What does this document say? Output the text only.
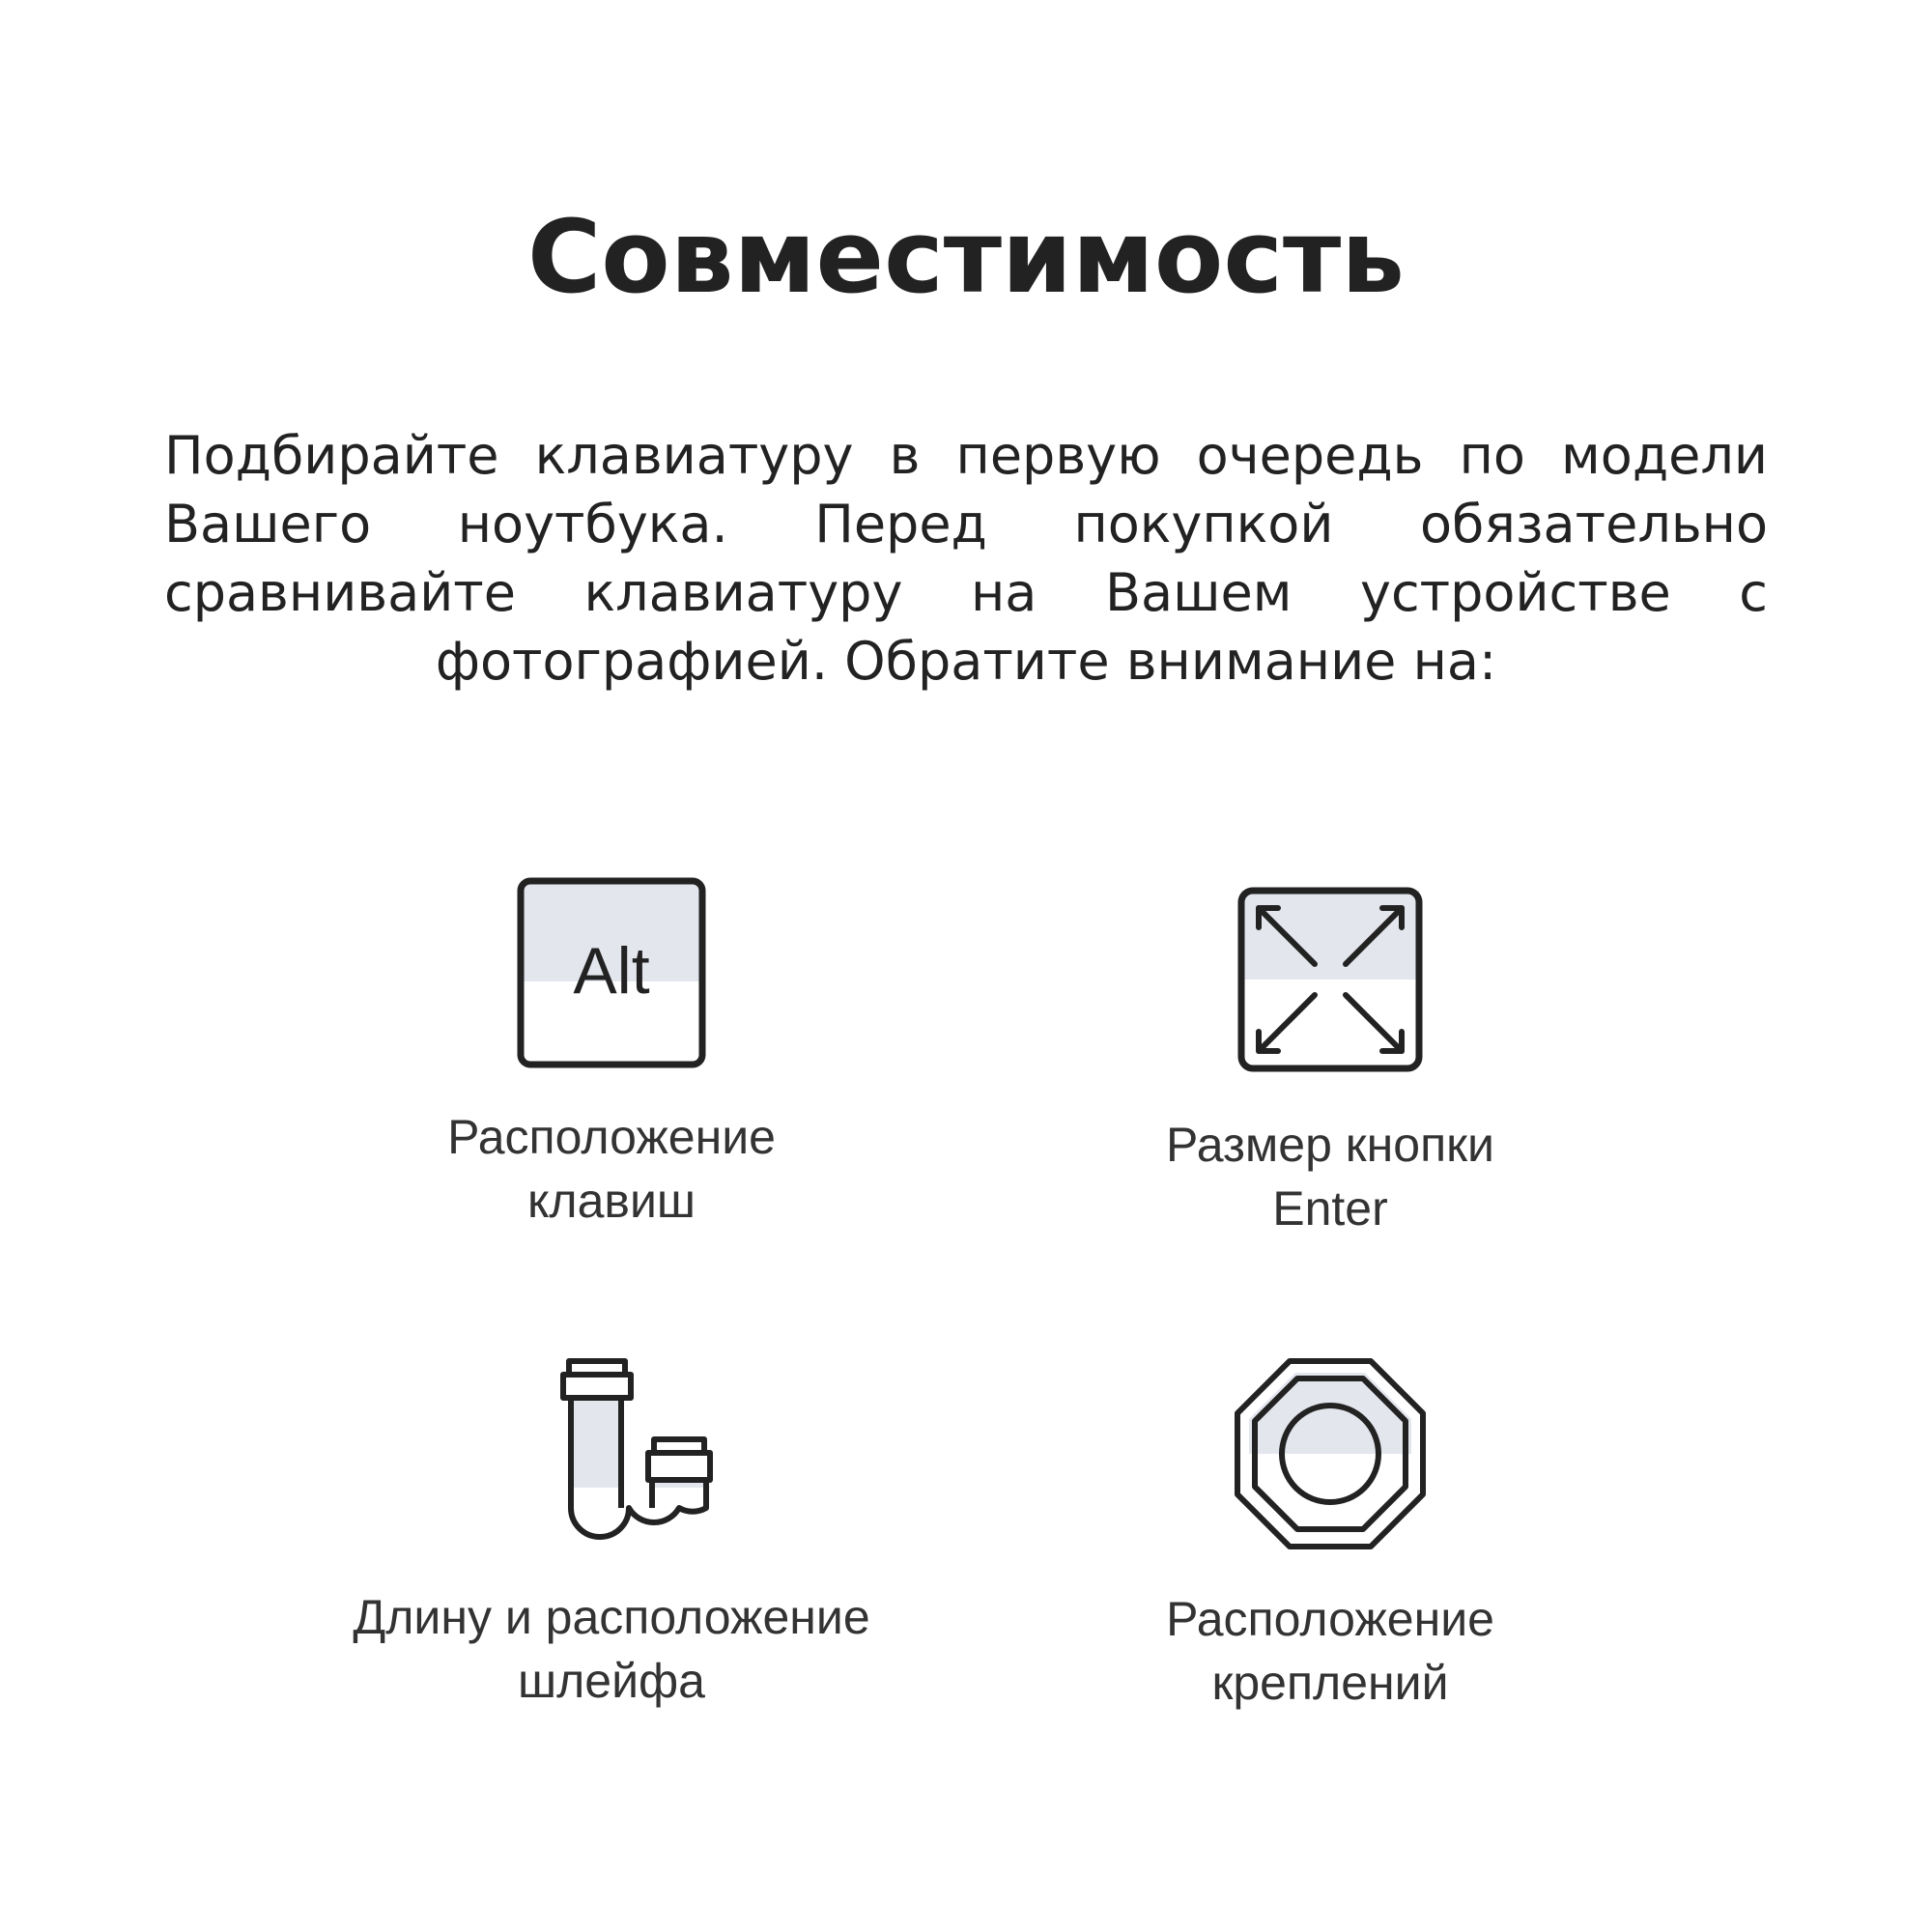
Совместимость

Подбирайте клавиатуру в первую очередь по модели Вашего ноутбука. Перед покупкой обязательно сравнивайте клавиатуру на Вашем устройстве с фотографией. Обратите внимание на:

Alt
Расположение
клавиш
Размер кнопки
Enter
Длину и расположение
шлейфа
Расположение
креплений
